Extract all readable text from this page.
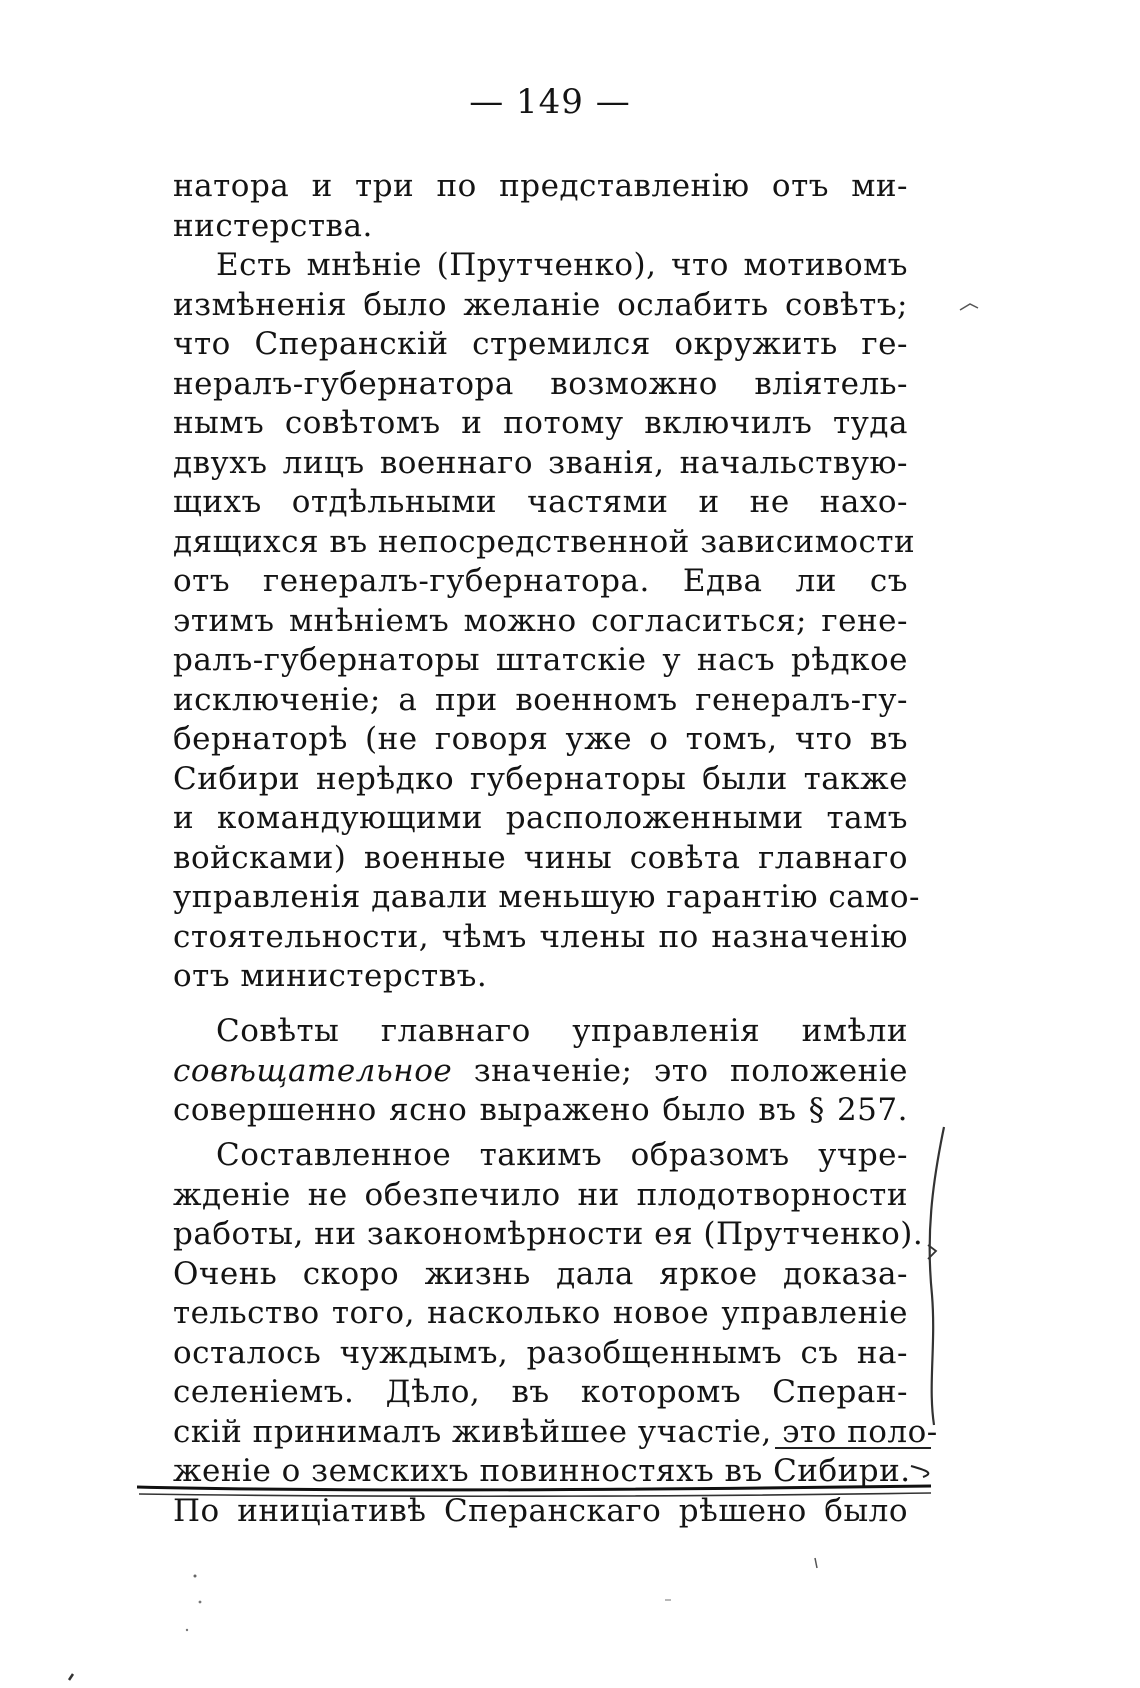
— 149 —
натора и три по представленію отъ ми-
нистерства.
Есть мнѣніе (Прутченко), что мотивомъ
измѣненія было желаніе ослабить совѣтъ;
что Сперанскій стремился окружить ге-
нералъ-губернатора возможно вліятель-
нымъ совѣтомъ и потому включилъ туда
двухъ лицъ военнаго званія, начальствую-
щихъ отдѣльными частями и не нахо-
дящихся въ непосредственной зависимости
отъ генералъ-губернатора. Едва ли съ
этимъ мнѣніемъ можно согласиться; гене-
ралъ-губернаторы штатскіе у насъ рѣдкое
исключеніе; а при военномъ генералъ-гу-
бернаторѣ (не говоря уже о томъ, что въ
Сибири нерѣдко губернаторы были также
и командующими расположенными тамъ
войсками) военные чины совѣта главнаго
управленія давали меньшую гарантію само-
стоятельности, чѣмъ члены по назначенію
отъ министерствъ.
Совѣты главнаго управленія имѣли
совѣщательное значеніе; это положеніе
совершенно ясно выражено было въ § 257.
Составленное такимъ образомъ учре-
жденіе не обезпечило ни плодотворности
работы, ни закономѣрности ея (Прутченко).
Очень скоро жизнь дала яркое доказа-
тельство того, насколько новое управленіе
осталось чуждымъ, разобщеннымъ съ на-
селеніемъ. Дѣло, въ которомъ Сперан-
скій принималъ живѣйшее участіе, это поло-
женіе о земскихъ повинностяхъ въ Сибири.
По иниціативѣ Сперанскаго рѣшено было
